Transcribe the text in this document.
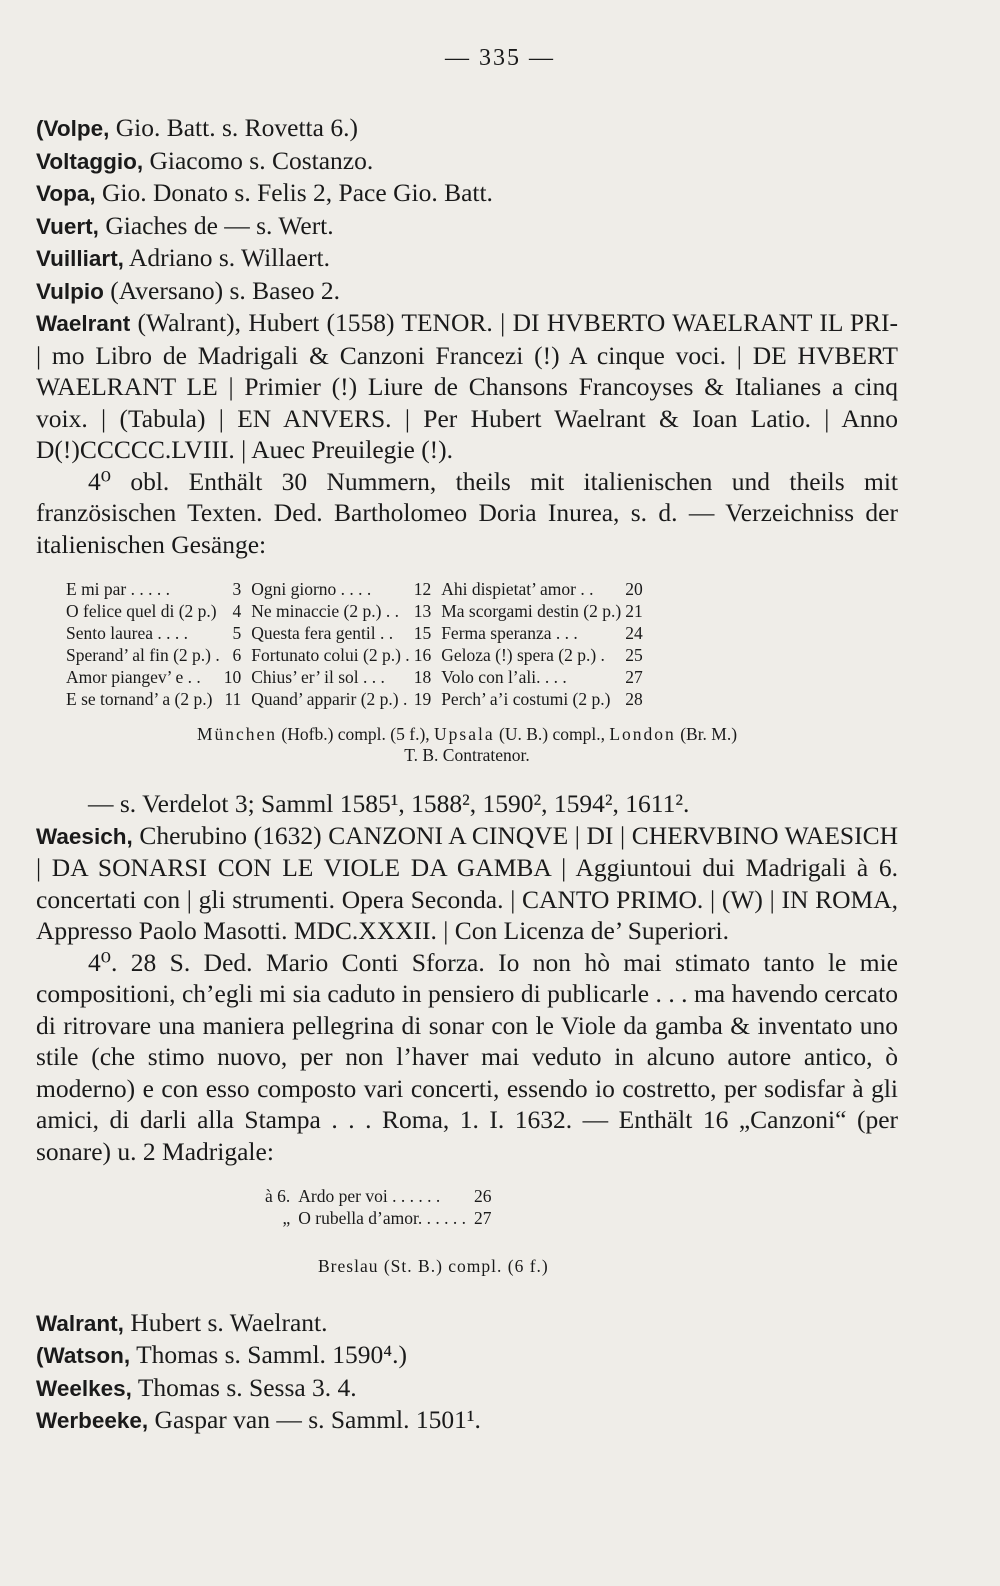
— 335 —

(Volpe, Gio. Batt. s. Rovetta 6.)

Voltaggio, Giacomo s. Costanzo.

Vopa, Gio. Donato s. Felis 2, Pace Gio. Batt.

Vuert, Giaches de — s. Wert.

Vuilliart, Adriano s. Willaert.

Vulpio (Aversano) s. Baseo 2.

Waelrant (Walrant), Hubert (1558) TENOR. | DI HVBERTO WAELRANT IL PRI- | mo Libro de Madrigali & Canzoni Francezi (!) A cinque voci. | DE HVBERT WAELRANT LE | Primier (!) Liure de Chansons Francoyses & Italianes a cinq voix. | (Tabula) | EN ANVERS. | Per Hubert Waelrant & Ioan Latio. | Anno D(!)CCCCC.LVIII. | Auec Preuilegie (!).

4⁰ obl. Enthält 30 Nummern, theils mit italienischen und theils mit französischen Texten. Ded. Bartholomeo Doria Inurea, s. d. — Verzeichniss der italienischen Gesänge:

E mi par . . . . .	3	Ogni giorno . . . .	12	Ahi dispietat’ amor . .	20
O felice quel di (2 p.)	4	Ne minaccie (2 p.) . .	13	Ma scorgami destin (2 p.)	21
Sento laurea . . . .	5	Questa fera gentil . .	15	Ferma speranza . . .	24
Sperand’ al fin (2 p.) .	6	Fortunato colui (2 p.) .	16	Geloza (!) spera (2 p.) .	25
Amor piangev’ e . .	10	Chius’ er’ il sol . . .	18	Volo con l’ali. . . .	27
E se tornand’ a (2 p.)	11	Quand’ apparir (2 p.) .	19	Perch’ a’i costumi (2 p.)	28
München (Hofb.) compl. (5 f.), Upsala (U. B.) compl., London (Br. M.)
T. B. Contratenor.

— s. Verdelot 3; Samml 1585¹, 1588², 1590², 1594², 1611².

Waesich, Cherubino (1632) CANZONI A CINQVE | DI | CHERVBINO WAESICH | DA SONARSI CON LE VIOLE DA GAMBA | Aggiuntoui dui Madrigali à 6. concertati con | gli strumenti. Opera Seconda. | CANTO PRIMO. | (W) | IN ROMA, Appresso Paolo Masotti. MDC.XXXII. | Con Licenza de’ Superiori.

4⁰. 28 S. Ded. Mario Conti Sforza. Io non hò mai stimato tanto le mie compositioni, ch’egli mi sia caduto in pensiero di publicarle . . . ma havendo cercato di ritrovare una maniera pellegrina di sonar con le Viole da gamba & inventato uno stile (che stimo nuovo, per non l’haver mai veduto in alcuno autore antico, ò moderno) e con esso composto vari concerti, essendo io costretto, per sodisfar à gli amici, di darli alla Stampa . . . Roma, 1. I. 1632. — Enthält 16 „Canzoni“ (per sonare) u. 2 Madrigale:

à 6.	Ardo per voi . . . . . .	26
„	O rubella d’amor. . . . . .	27
Breslau (St. B.) compl. (6 f.)

Walrant, Hubert s. Waelrant.

(Watson, Thomas s. Samml. 1590⁴.)

Weelkes, Thomas s. Sessa 3. 4.

Werbeeke, Gaspar van — s. Samml. 1501¹.
